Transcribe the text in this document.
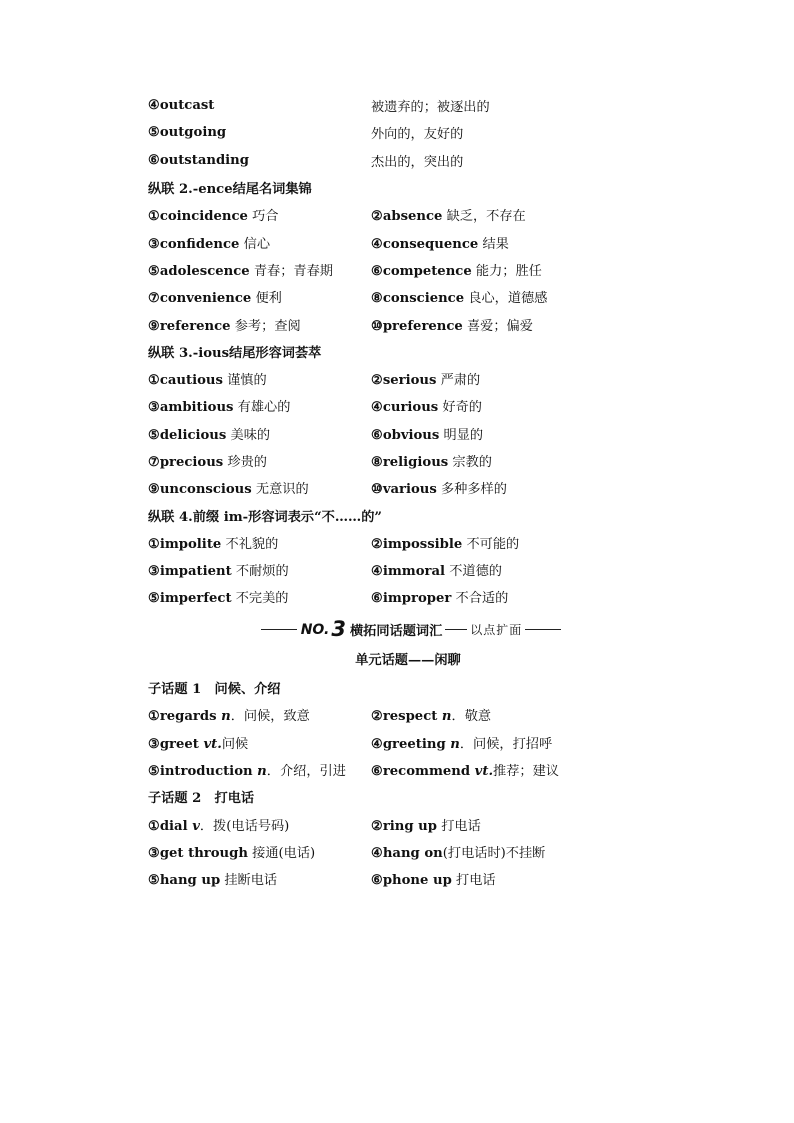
④outcast	被遗弃的；被逐出的
⑤outgoing	外向的，友好的
⑥outstanding	杰出的，突出的
纵联 2.-ence结尾名词集锦
①coincidence 巧合	②absence 缺乏，不存在
③confidence 信心	④consequence 结果
⑤adolescence 青春；青春期	⑥competence 能力；胜任
⑦convenience 便利	⑧conscience 良心，道德感
⑨reference 参考；查阅	⑩preference 喜爱；偏爱
纵联 3.-ious结尾形容词荟萃
①cautious 谨慎的	②serious 严肃的
③ambitious 有雄心的	④curious 好奇的
⑤delicious 美味的	⑥obvious 明显的
⑦precious 珍贵的	⑧religious 宗教的
⑨unconscious 无意识的	⑩various 多种多样的
纵联 4.前缀 im-形容词表示“不……的”
①impolite 不礼貌的	②impossible 不可能的
③impatient 不耐烦的	④immoral 不道德的
⑤imperfect 不完美的	⑥improper 不合适的
NO. 3 横拓同话题词汇 以点扩面
单元话题——闲聊
子话题 1　问候、介绍
①regards n．问候，致意	②respect n．敬意
③greet vt.问候	④greeting n．问候，打招呼
⑤introduction n．介绍，引进	⑥recommend vt.推荐；建议
子话题 2　打电话
①dial v．拨(电话号码)	②ring up 打电话
③get through 接通(电话)	④hang on(打电话时)不挂断
⑤hang up 挂断电话	⑥phone up 打电话
